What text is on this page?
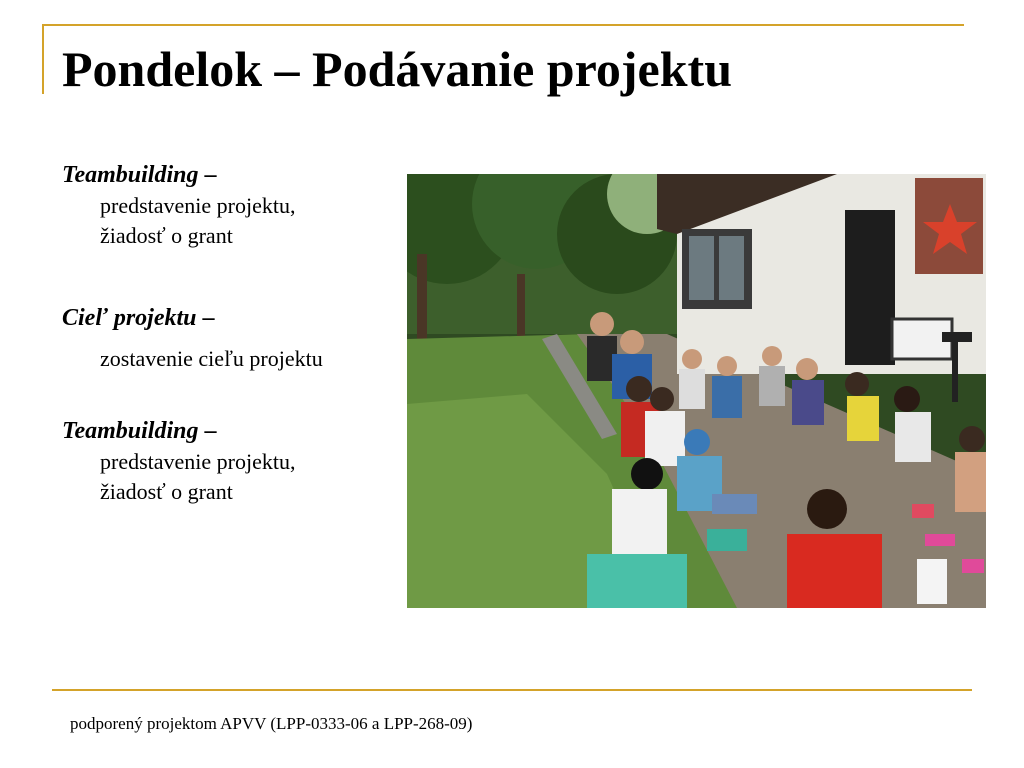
Pondelok – Podávanie projektu
Teambuilding –
predstavenie projektu,
žiadosť o grant
Cieľ projektu –
zostavenie cieľu projektu
Teambuilding –
predstavenie projektu,
žiadosť o grant
podporený projektom APVV (LPP-0333-06 a LPP-268-09)
